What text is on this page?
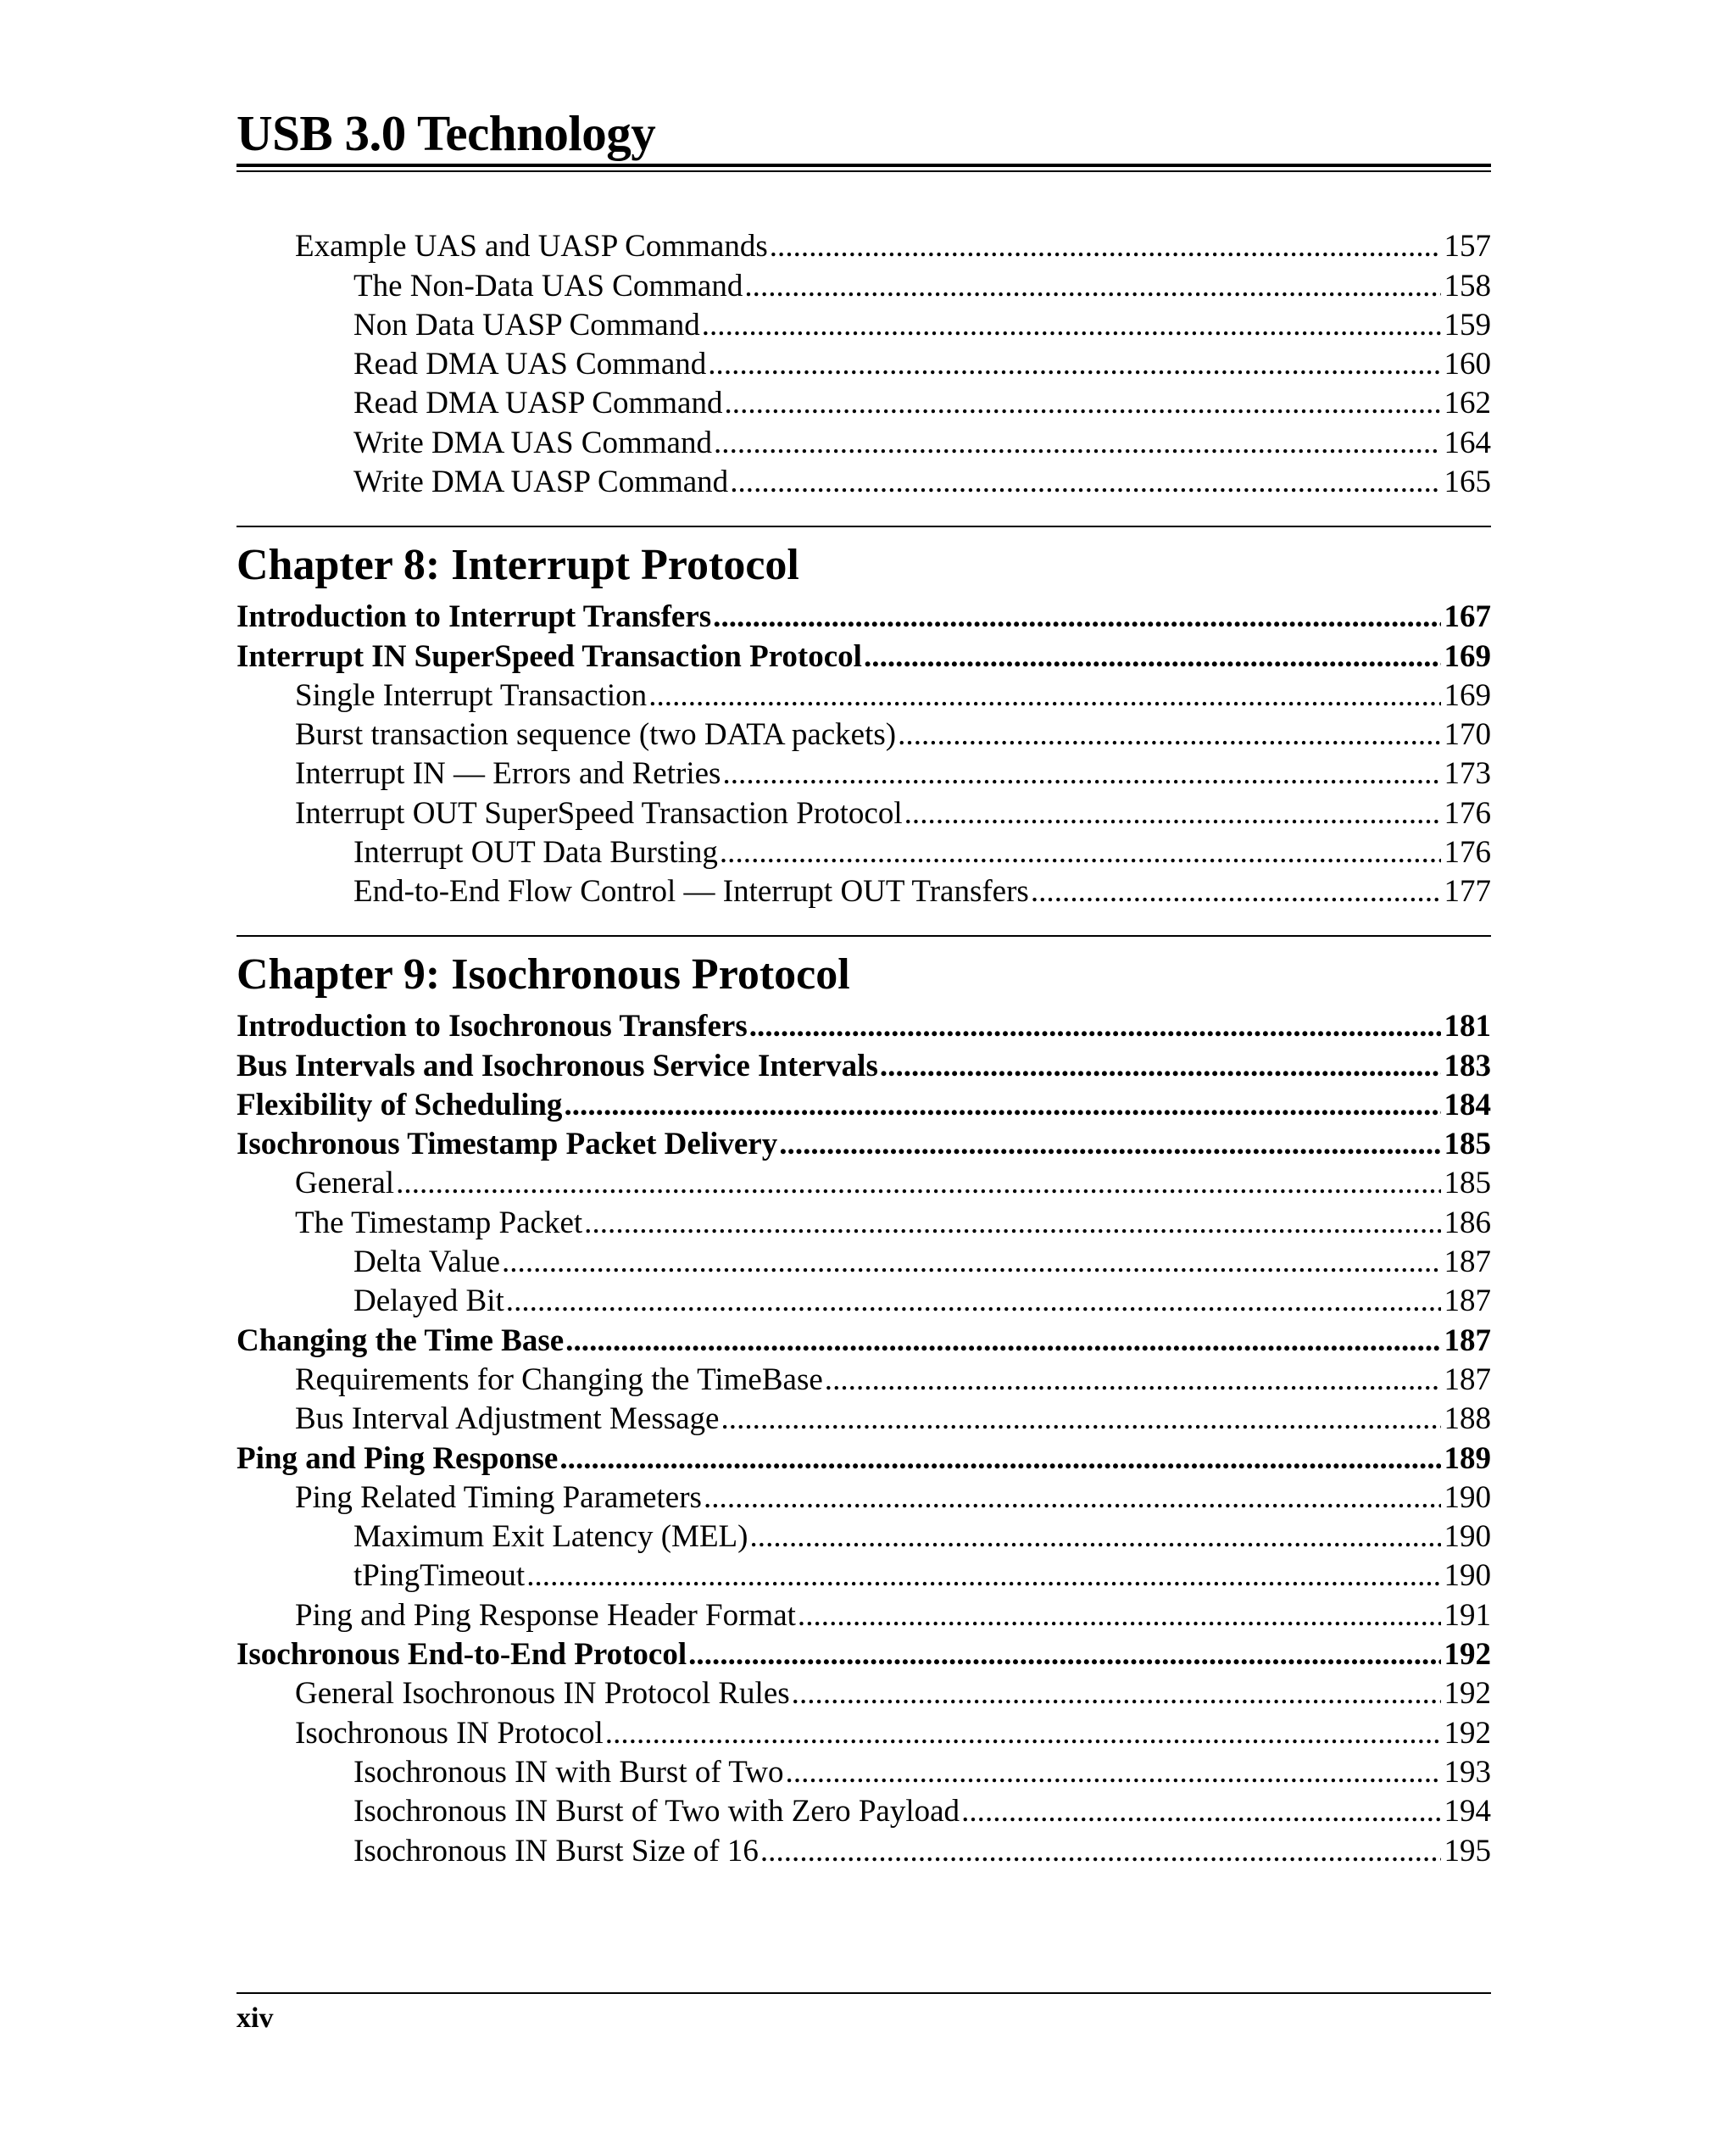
USB 3.0 Technology
Example UAS and UASP Commands . . .	157
The Non-Data UAS Command . . .	158
Non Data UASP Command . . .	159
Read DMA UAS Command . . .	160
Read DMA UASP Command . . .	162
Write DMA UAS Command . . .	164
Write DMA UASP Command . . .	165
Chapter 8: Interrupt Protocol
Introduction to Interrupt Transfers . . .	167
Interrupt IN SuperSpeed Transaction Protocol . . .	169
Single Interrupt Transaction . . .	169
Burst transaction sequence (two DATA packets) . . .	170
Interrupt IN — Errors and Retries . . .	173
Interrupt OUT SuperSpeed Transaction Protocol . . .	176
Interrupt OUT Data Bursting . . .	176
End-to-End Flow Control — Interrupt OUT Transfers . . .	177
Chapter 9: Isochronous Protocol
Introduction to Isochronous Transfers . . .	181
Bus Intervals and Isochronous Service Intervals . . .	183
Flexibility of Scheduling . . .	184
Isochronous Timestamp Packet Delivery . . .	185
General . . .	185
The Timestamp Packet . . .	186
Delta Value . . .	187
Delayed Bit . . .	187
Changing the Time Base . . .	187
Requirements for Changing the TimeBase . . .	187
Bus Interval Adjustment Message . . .	188
Ping and Ping Response . . .	189
Ping Related Timing Parameters . . .	190
Maximum Exit Latency (MEL) . . .	190
tPingTimeout . . .	190
Ping and Ping Response Header Format . . .	191
Isochronous End-to-End Protocol . . .	192
General Isochronous IN Protocol Rules . . .	192
Isochronous IN Protocol . . .	192
Isochronous IN with Burst of Two . . .	193
Isochronous IN Burst of Two with Zero Payload . . .	194
Isochronous IN Burst Size of 16 . . .	195
xiv
